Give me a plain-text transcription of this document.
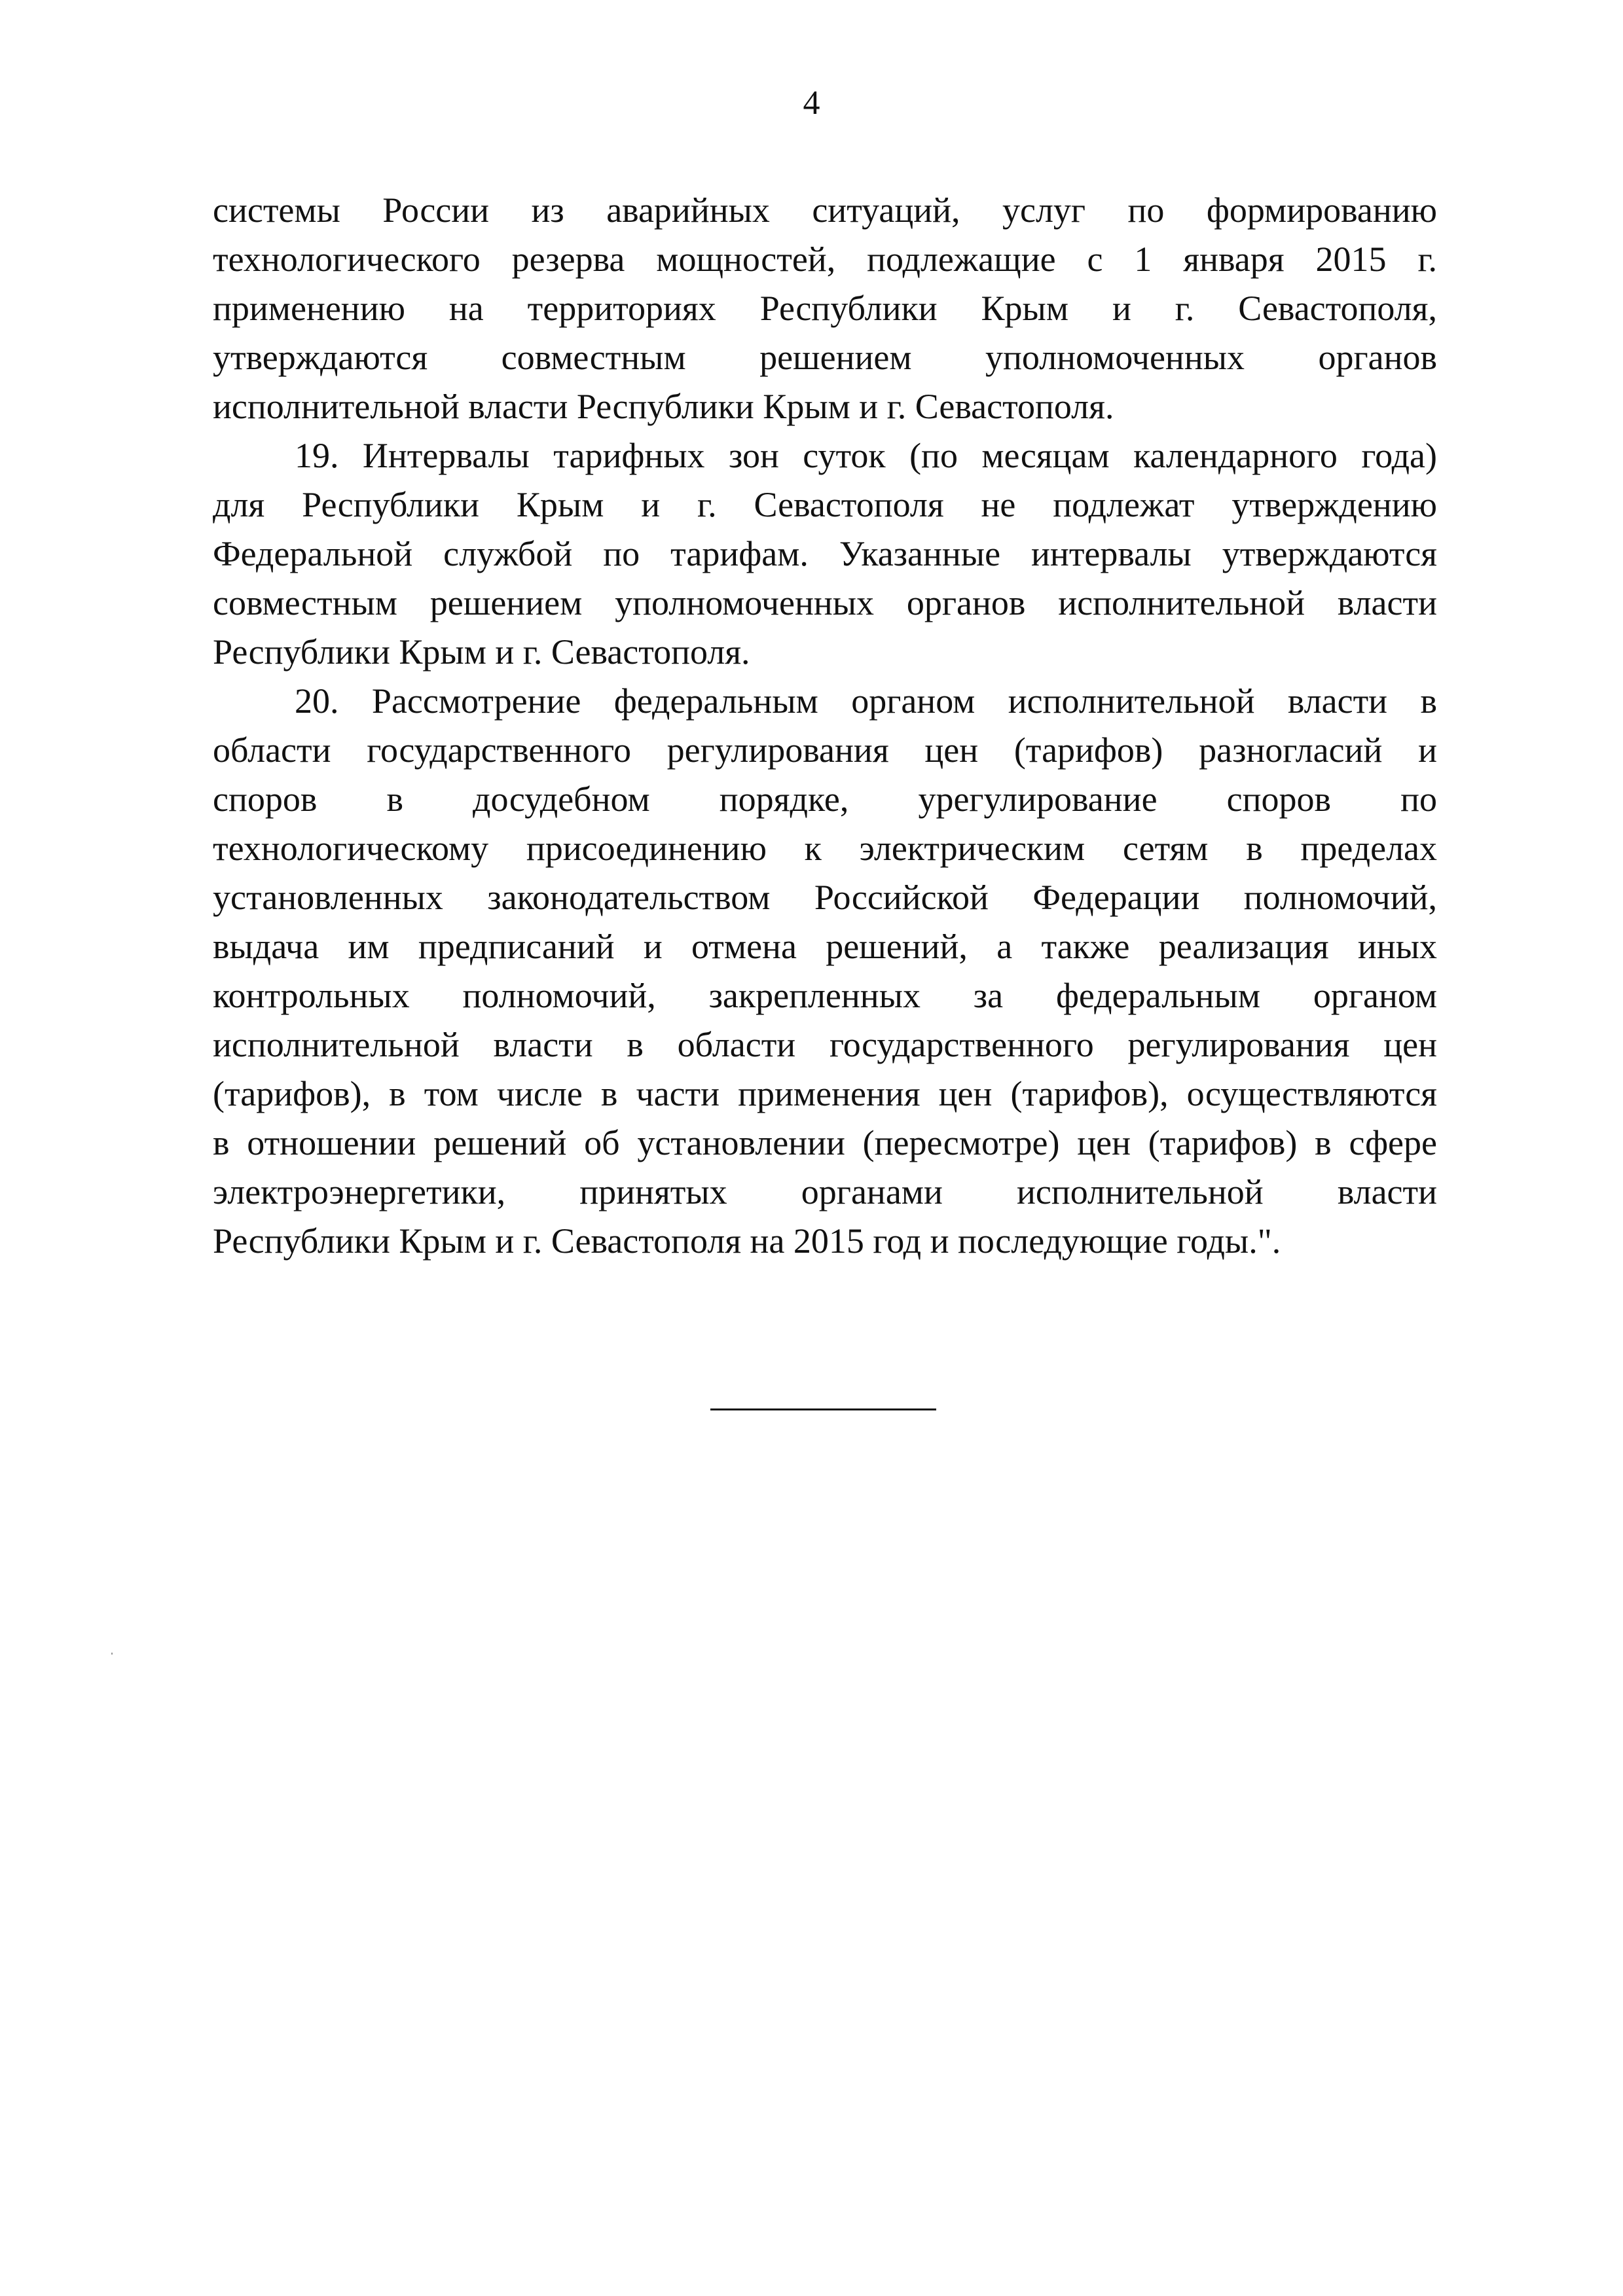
4
системы России из аварийных ситуаций, услуг по формированию
технологического резерва мощностей, подлежащие с 1 января 2015 г.
применению на территориях Республики Крым и г. Севастополя,
утверждаются совместным решением уполномоченных органов
исполнительной власти Республики Крым и г. Севастополя.
19. Интервалы тарифных зон суток (по месяцам календарного года)
для Республики Крым и г. Севастополя не подлежат утверждению
Федеральной службой по тарифам. Указанные интервалы утверждаются
совместным решением уполномоченных органов исполнительной власти
Республики Крым и г. Севастополя.
20. Рассмотрение федеральным органом исполнительной власти в
области государственного регулирования цен (тарифов) разногласий и
споров в досудебном порядке, урегулирование споров по
технологическому присоединению к электрическим сетям в пределах
установленных законодательством Российской Федерации полномочий,
выдача им предписаний и отмена решений, а также реализация иных
контрольных полномочий, закрепленных за федеральным органом
исполнительной власти в области государственного регулирования цен
(тарифов), в том числе в части применения цен (тарифов), осуществляются
в отношении решений об установлении (пересмотре) цен (тарифов) в сфере
электроэнергетики, принятых органами исполнительной власти
Республики Крым и г. Севастополя на 2015 год и последующие годы.".
